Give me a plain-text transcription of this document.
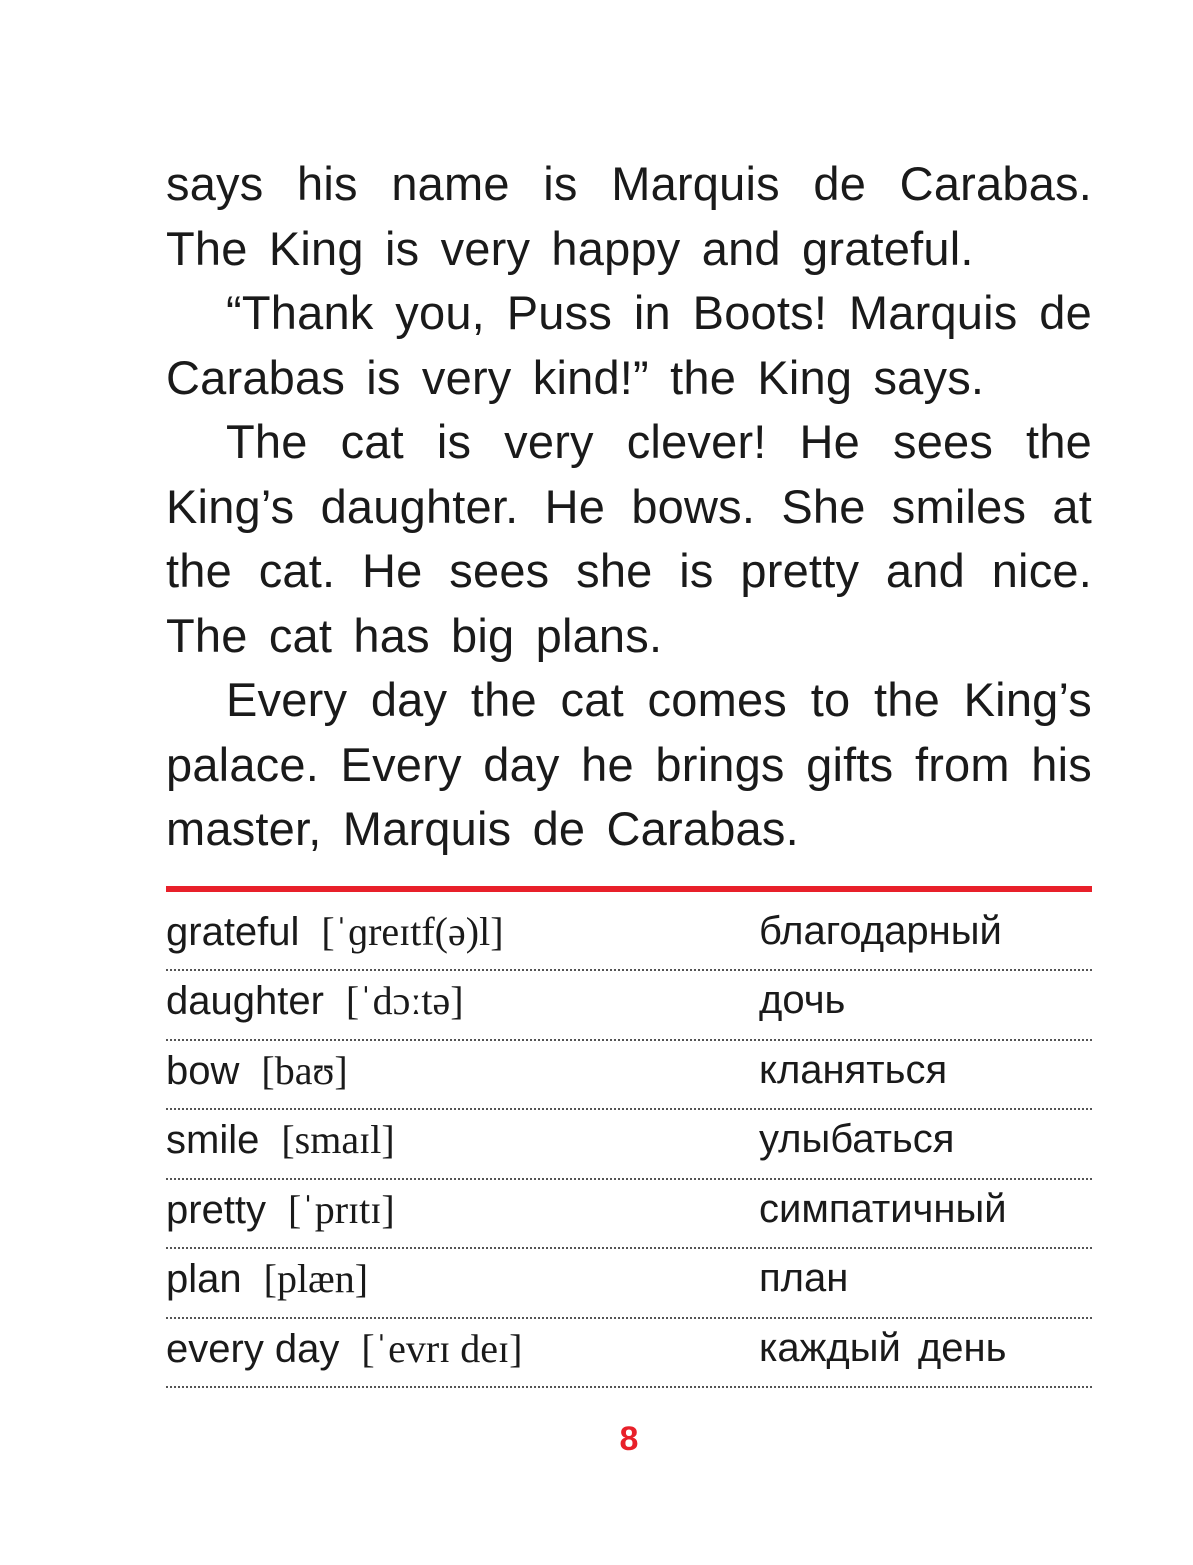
says his name is Marquis de Carabas. The King is very happy and grateful.

“Thank you, Puss in Boots! Marquis de Carabas is very kind!” the King says.

The cat is very clever! He sees the King’s daughter. He bows. She smiles at the cat. He sees she is pretty and nice. The cat has big plans.

Every day the cat comes to the King’s palace. Every day he brings gifts from his master, Marquis de Carabas.

grateful [ˈɡreɪtf(ə)l]	благодарный
daughter [ˈdɔːtə]	дочь
bow [baʊ]	кланяться
smile [smaɪl]	улыбаться
pretty [ˈprɪtɪ]	симпатичный
plan [plæn]	план
every day [ˈevrɪ deɪ]	каждый день
8
